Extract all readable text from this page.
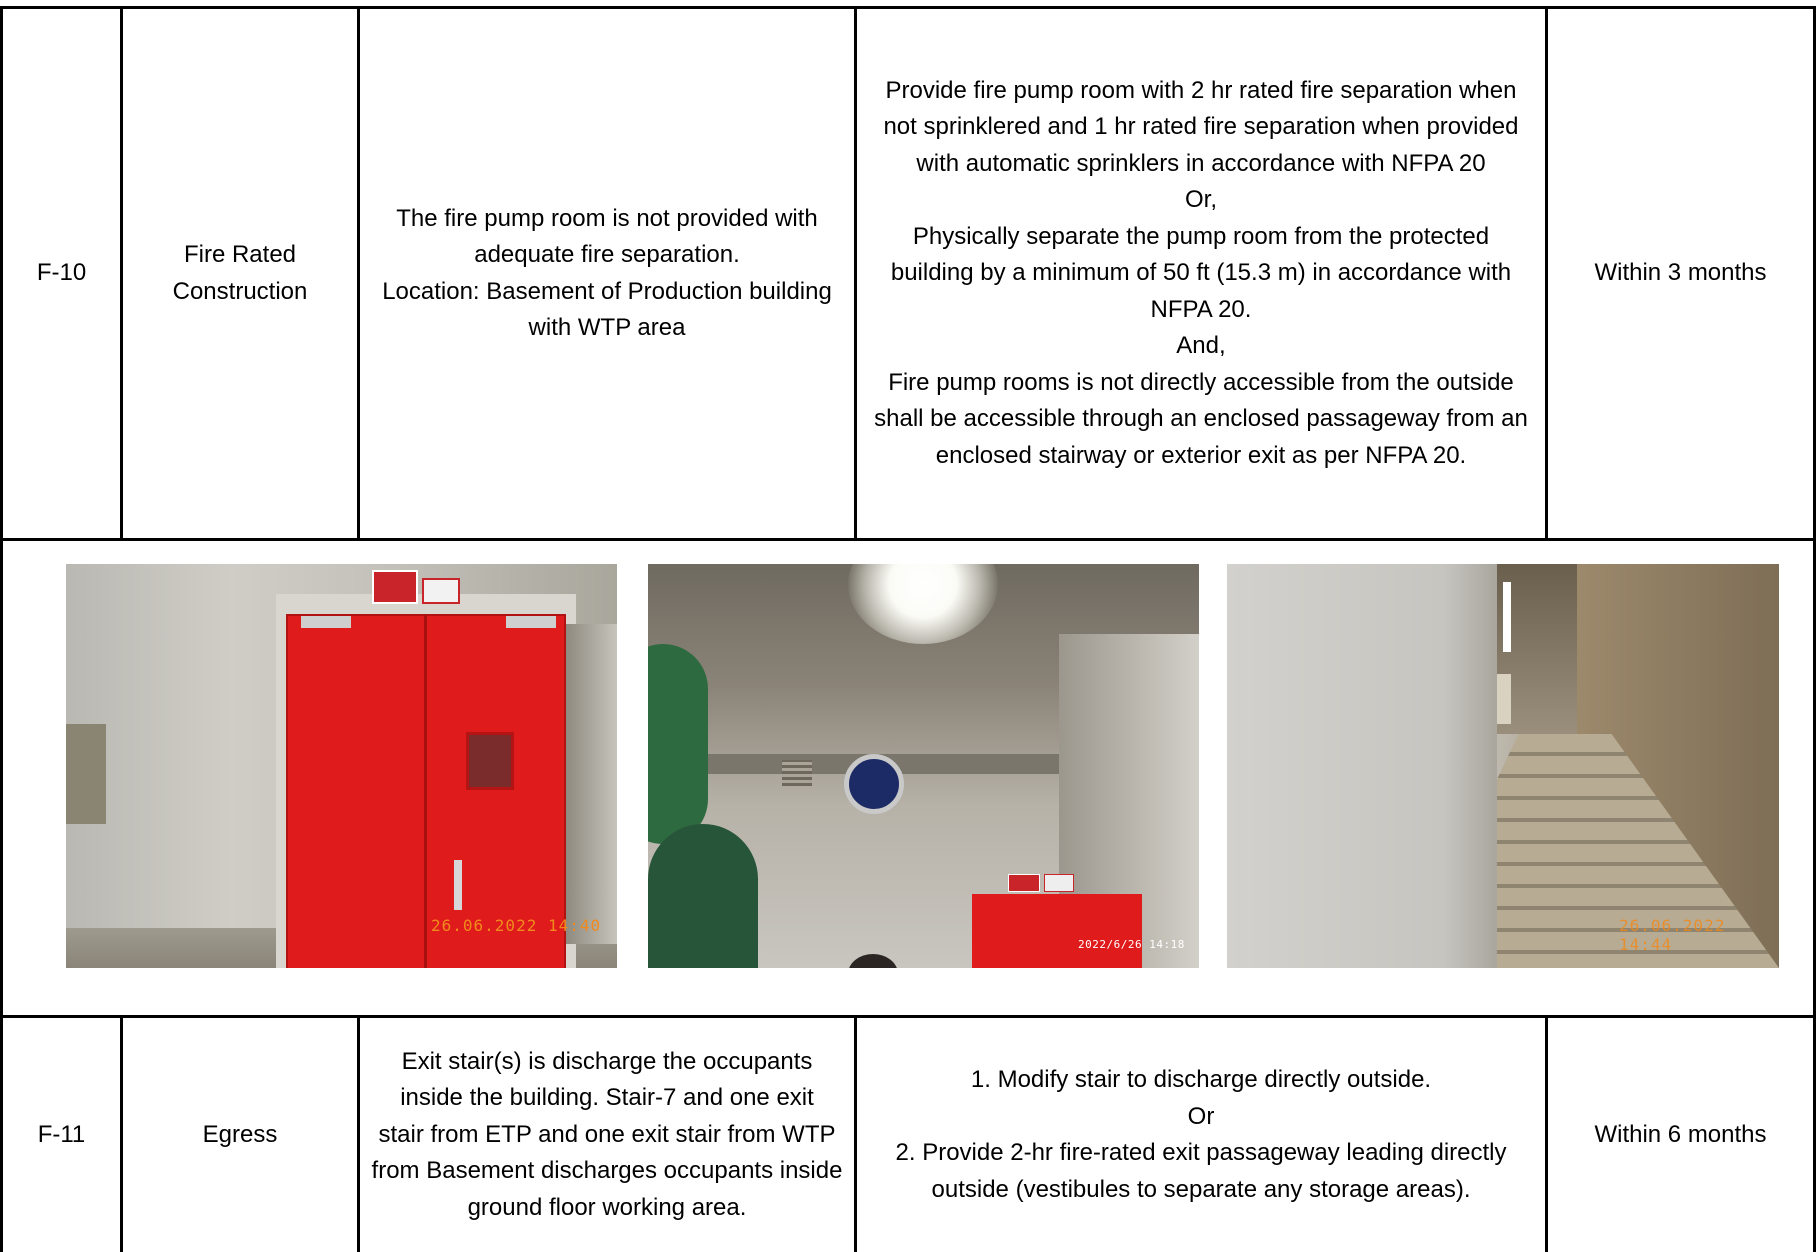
F-10
Fire Rated
Construction
The fire pump room is not provided with
adequate fire separation.
Location: Basement of Production building
with WTP area
Provide fire pump room with 2 hr rated fire separation when
not sprinklered and 1 hr rated fire separation when provided
with automatic sprinklers in accordance with NFPA 20
Or,
Physically separate the pump room from the protected
building by a minimum of 50 ft (15.3 m) in accordance with
NFPA 20.
And,
Fire pump rooms is not directly accessible from the outside
shall be accessible through an enclosed passageway from an
enclosed stairway or exterior exit as per NFPA 20.
Within 3 months
26.06.2022 14:40
2022/6/26 14:18
26.06.2022 14:44
F-11	Egress
Exit stair(s) is discharge the occupants
inside the building. Stair-7 and one exit
stair from ETP and one exit stair from WTP
from Basement discharges occupants inside
ground floor working area.
1. Modify stair to discharge directly outside.
Or
2. Provide 2-hr fire-rated exit passageway leading directly
outside (vestibules to separate any storage areas).
Within 6 months
